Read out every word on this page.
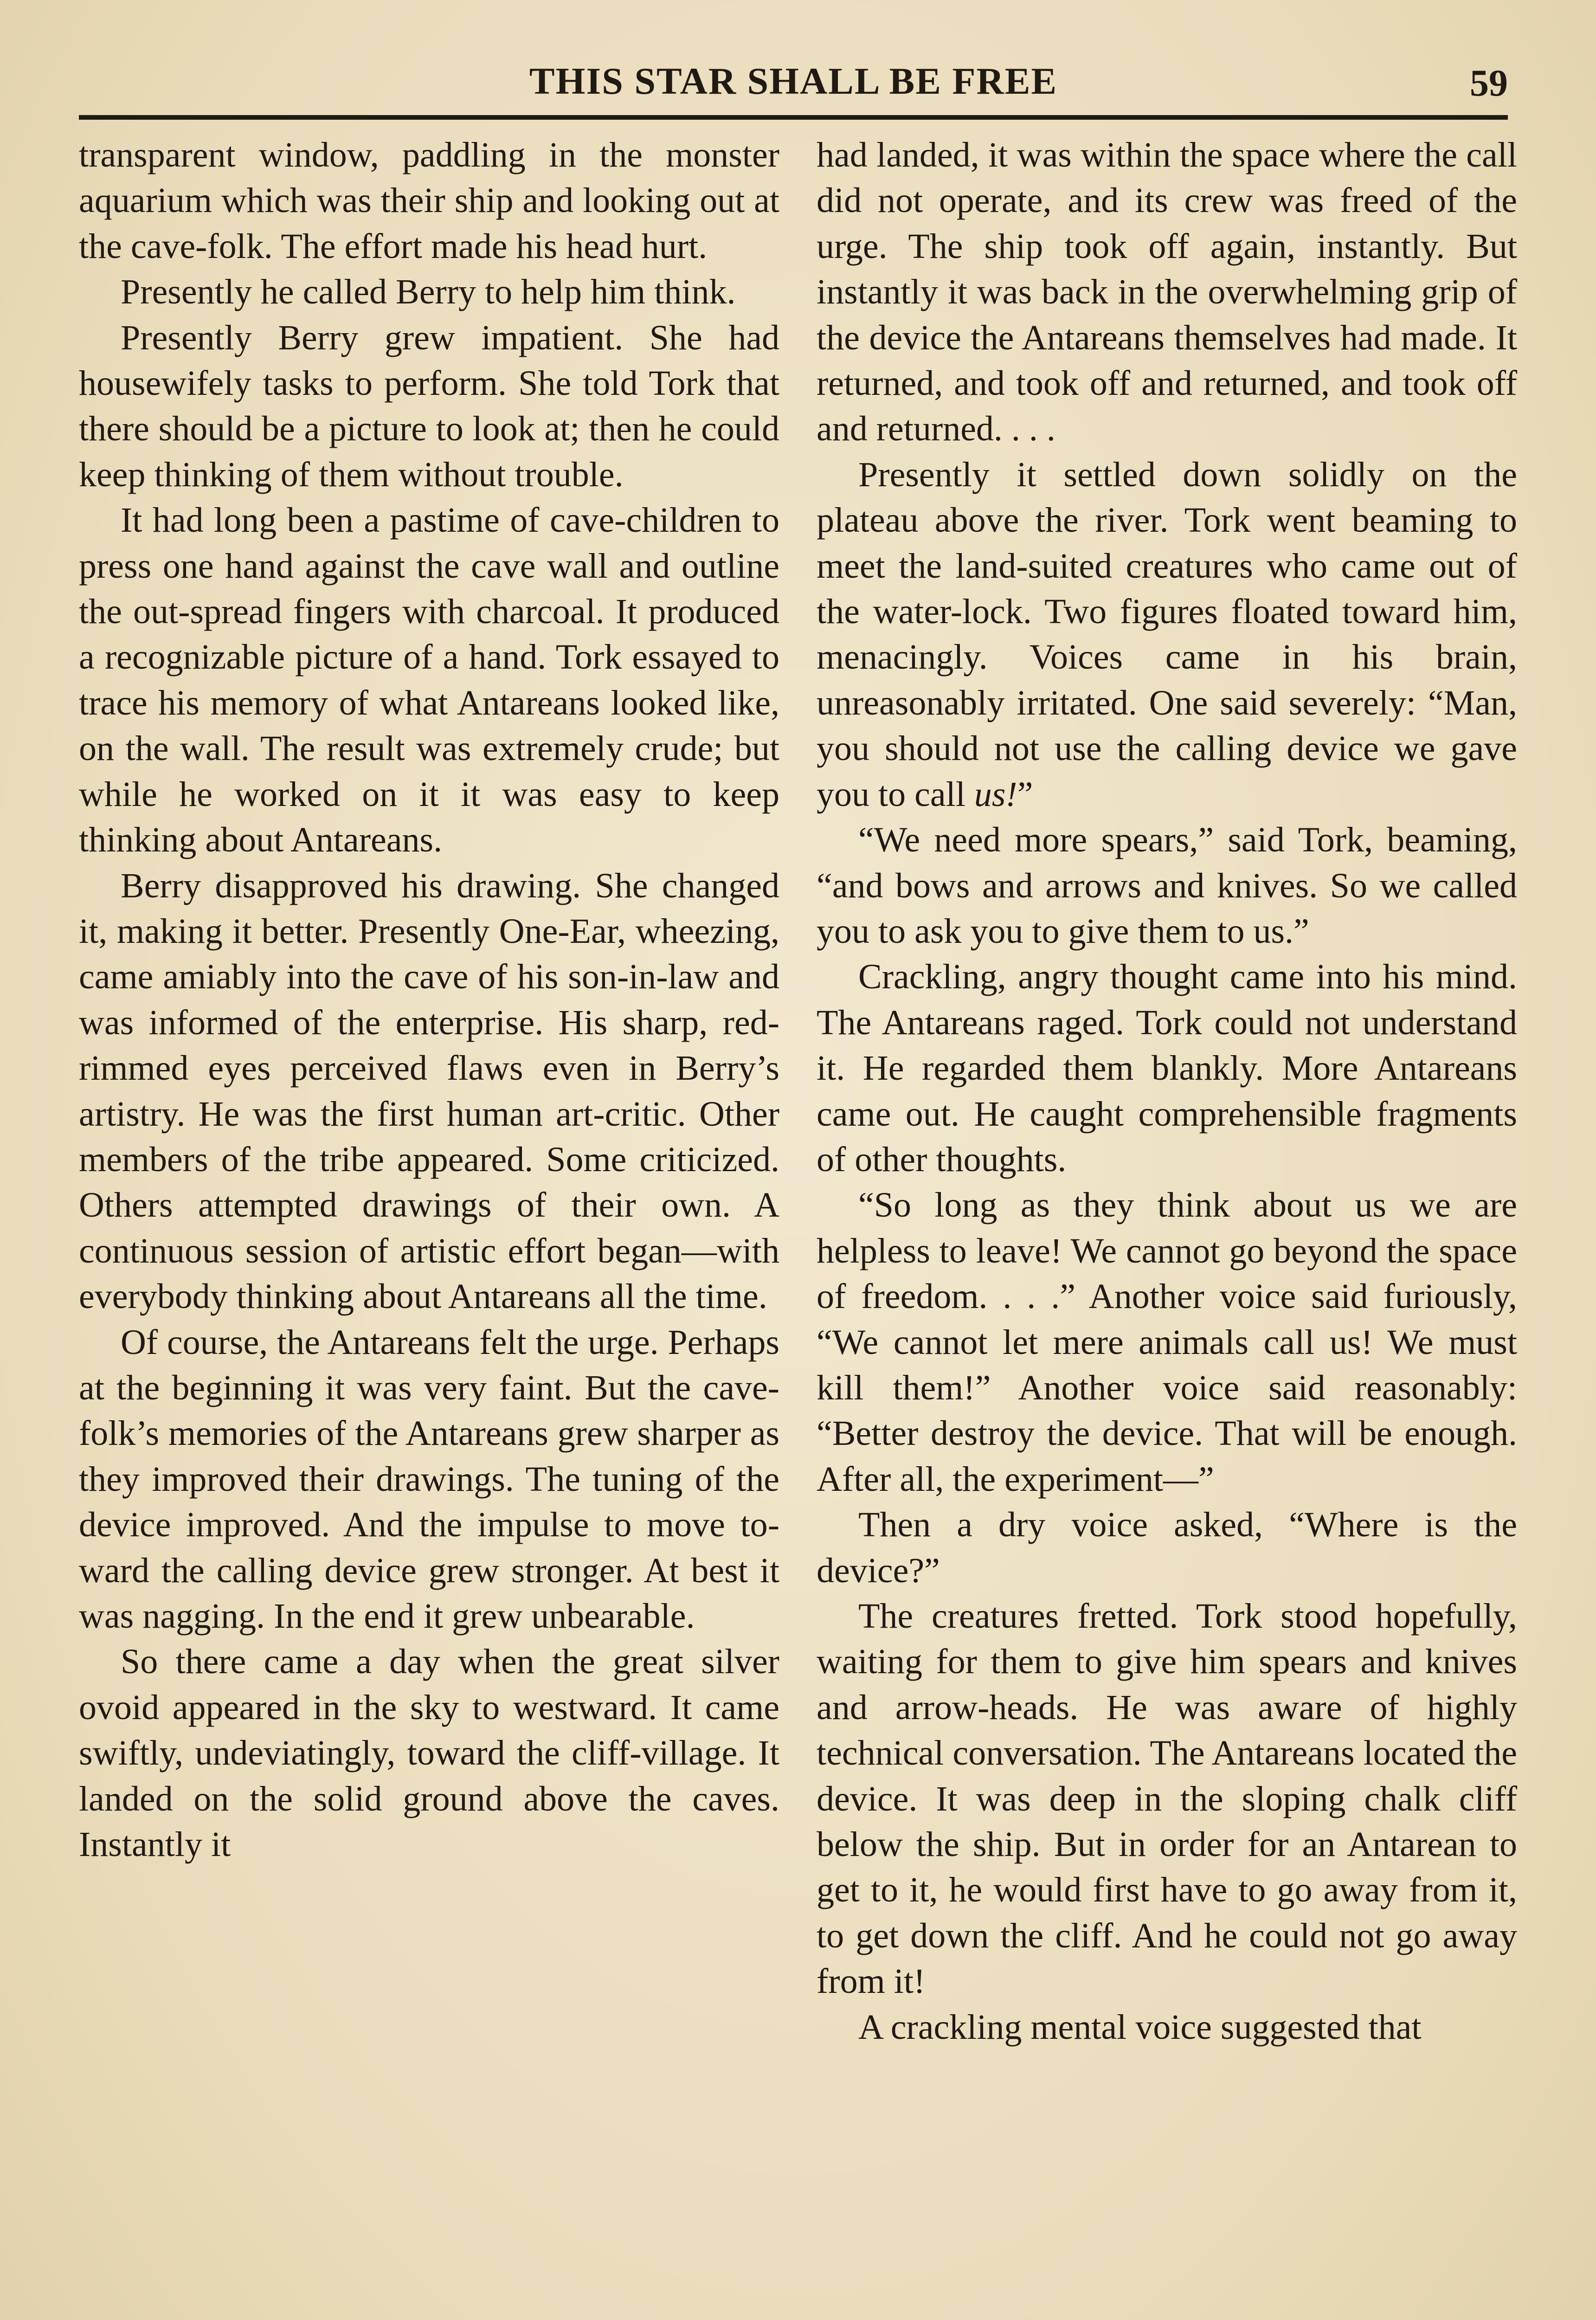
THIS STAR SHALL BE FREE	59

transparent window, paddling in the monster aquarium which was their ship and looking out at the cave-folk. The effort made his head hurt.

Presently he called Berry to help him think.

Presently Berry grew impatient. She had housewifely tasks to perform. She told Tork that there should be a picture to look at; then he could keep thinking of them without trouble.

It had long been a pastime of cave-children to press one hand against the cave wall and outline the out-spread fingers with charcoal. It produced a recognizable picture of a hand. Tork essayed to trace his memory of what Antareans looked like, on the wall. The result was extremely crude; but while he worked on it it was easy to keep thinking about Antareans.

Berry disapproved his drawing. She changed it, making it better. Presently One-Ear, wheezing, came amiably into the cave of his son-in-law and was informed of the enterprise. His sharp, red-rimmed eyes perceived flaws even in Berry’s artistry. He was the first human art-critic. Other members of the tribe appeared. Some criticized. Others attempted drawings of their own. A continuous session of artistic effort began—with everybody thinking about Antareans all the time.

Of course, the Antareans felt the urge. Perhaps at the beginning it was very faint. But the cave-folk’s memories of the Antareans grew sharper as they improved their drawings. The tuning of the device improved. And the impulse to move toward the calling device grew stronger. At best it was nagging. In the end it grew unbearable.

So there came a day when the great silver ovoid appeared in the sky to westward. It came swiftly, undeviatingly, toward the cliff-village. It landed on the solid ground above the caves. Instantly it

had landed, it was within the space where the call did not operate, and its crew was freed of the urge. The ship took off again, instantly. But instantly it was back in the overwhelming grip of the device the Antareans themselves had made. It returned, and took off and returned, and took off and returned. . . .

Presently it settled down solidly on the plateau above the river. Tork went beaming to meet the land-suited creatures who came out of the water-lock. Two figures floated toward him, menacingly. Voices came in his brain, unreasonably irritated. One said severely: “Man, you should not use the calling device we gave you to call us!”

“We need more spears,” said Tork, beaming, “and bows and arrows and knives. So we called you to ask you to give them to us.”

Crackling, angry thought came into his mind. The Antareans raged. Tork could not understand it. He regarded them blankly. More Antareans came out. He caught comprehensible fragments of other thoughts.

“So long as they think about us we are helpless to leave! We cannot go beyond the space of freedom. . . .” Another voice said furiously, “We cannot let mere animals call us! We must kill them!” Another voice said reasonably: “Better destroy the device. That will be enough. After all, the experiment—”

Then a dry voice asked, “Where is the device?”

The creatures fretted. Tork stood hopefully, waiting for them to give him spears and knives and arrow-heads. He was aware of highly technical conversation. The Antareans located the device. It was deep in the sloping chalk cliff below the ship. But in order for an Antarean to get to it, he would first have to go away from it, to get down the cliff. And he could not go away from it!

A crackling mental voice suggested that
